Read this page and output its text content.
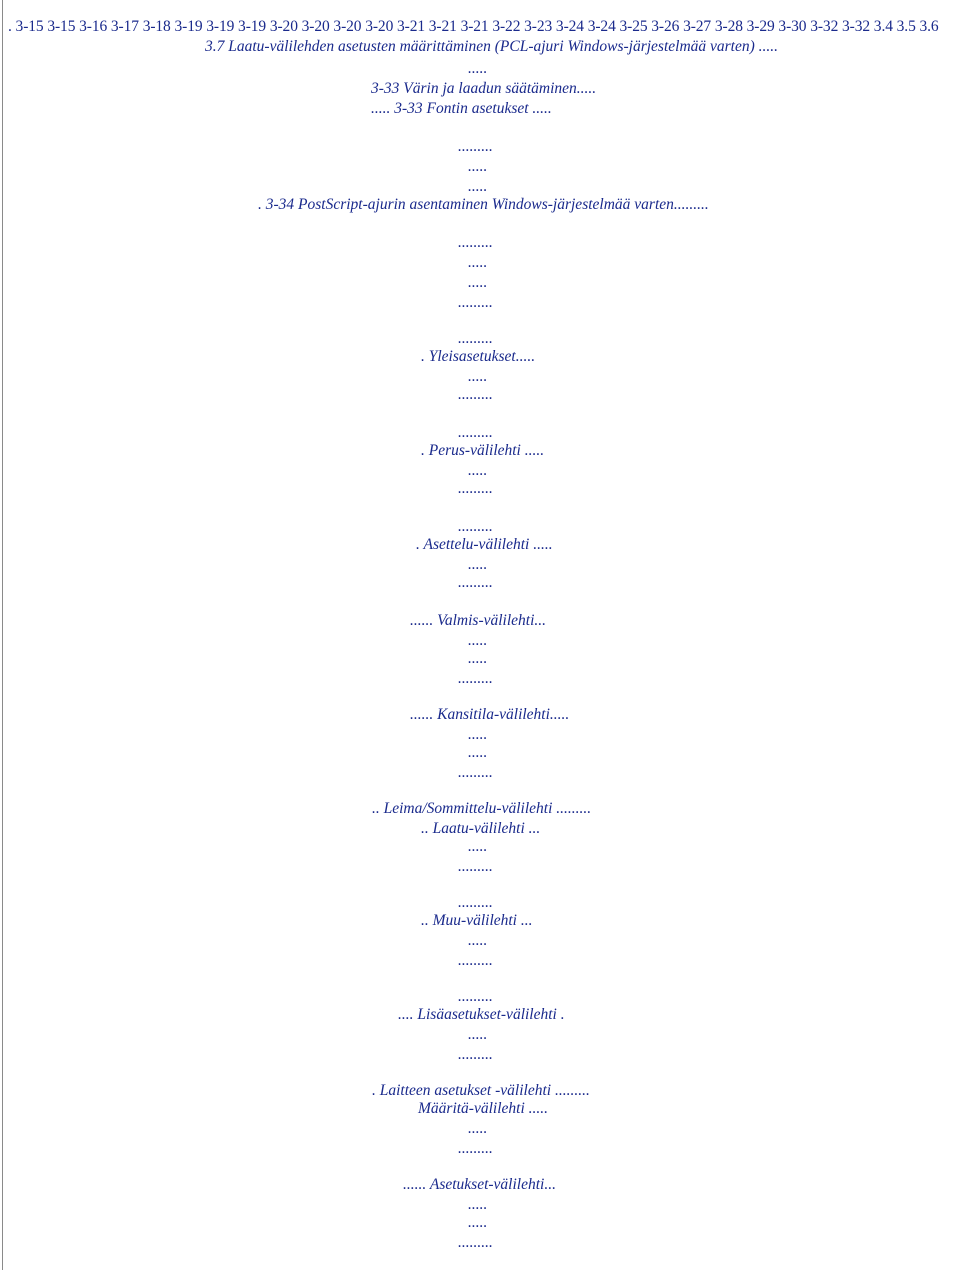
. 3-15 3-15 3-16 3-17 3-18 3-19 3-19 3-19 3-20 3-20 3-20 3-20 3-21 3-21 3-21 3-22 3-23 3-24 3-24 3-25 3-26 3-27 3-28 3-29 3-30 3-32 3-32 3.4 3.5 3.6
3.7 Laatu-välilehden asetusten määrittäminen (PCL-ajuri Windows-järjestelmää varten) .....
.....
3-33 Värin ja laadun säätäminen.....
..... 3-33 Fontin asetukset .....
.........
.....
.....
. 3-34 PostScript-ajurin asentaminen Windows-järjestelmää varten.........
.........
.....
.....
.........
.........
. Yleisasetukset.....
.....
.........
.........
. Perus-välilehti .....
.....
.........
.........
. Asettelu-välilehti .....
.....
.........
...... Valmis-välilehti...
.....
.....
.........
...... Kansitila-välilehti.....
.....
.....
.........
.. Leima/Sommittelu-välilehti .........
.. Laatu-välilehti ...
.....
.........
.........
.. Muu-välilehti ...
.....
.........
.........
.... Lisäasetukset-välilehti .
.....
.........
. Laitteen asetukset -välilehti .........
Määritä-välilehti .....
.....
.........
...... Asetukset-välilehti...
.....
.....
.........
